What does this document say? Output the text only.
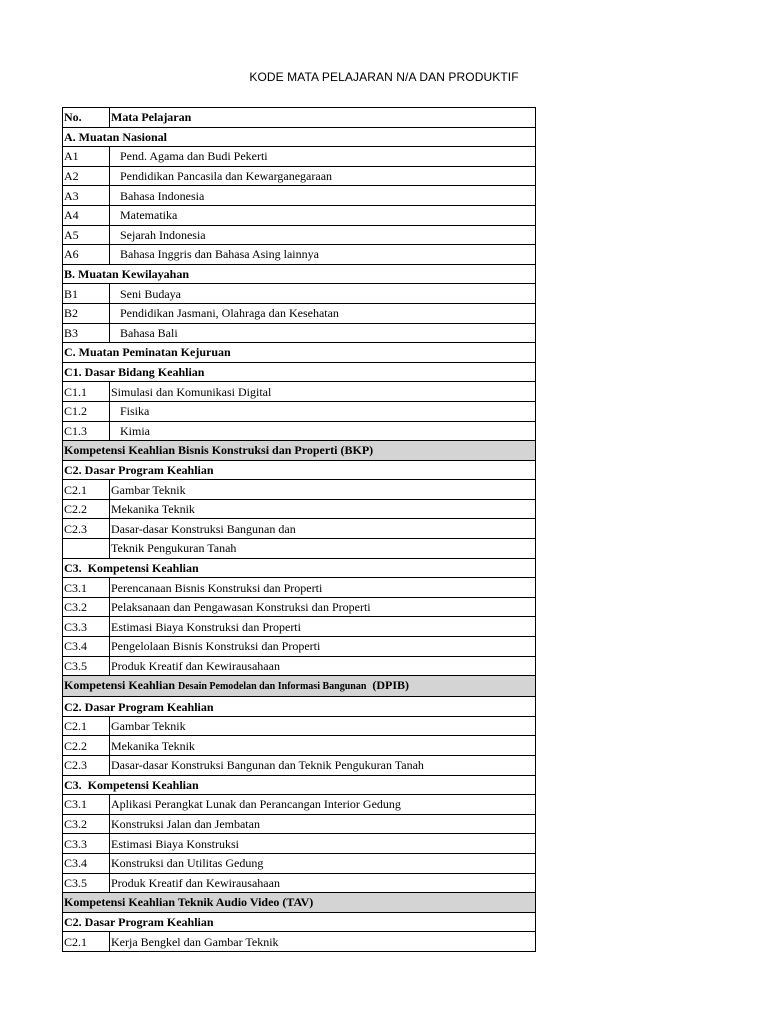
KODE MATA PELAJARAN N/A DAN PRODUKTIF
No.	Mata Pelajaran
A. Muatan Nasional	
A1	Pend. Agama dan Budi Pekerti
A2	Pendidikan Pancasila dan Kewarganegaraan
A3	Bahasa Indonesia
A4	Matematika
A5	Sejarah Indonesia
A6	Bahasa Inggris dan Bahasa Asing lainnya
B. Muatan Kewilayahan	
B1	Seni Budaya
B2	Pendidikan Jasmani, Olahraga dan Kesehatan
B3	Bahasa Bali
C. Muatan Peminatan Kejuruan	
C1. Dasar Bidang Keahlian	
C1.1	Simulasi dan Komunikasi Digital
C1.2	Fisika
C1.3	Kimia
Kompetensi Keahlian Bisnis Konstruksi dan Properti (BKP)	
C2. Dasar Program Keahlian	
C2.1	Gambar Teknik
C2.2	Mekanika Teknik
C2.3	Dasar-dasar Konstruksi Bangunan dan
	Teknik Pengukuran Tanah
C3.  Kompetensi Keahlian	
C3.1	Perencanaan Bisnis Konstruksi dan Properti
C3.2	Pelaksanaan dan Pengawasan Konstruksi dan Properti
C3.3	Estimasi Biaya Konstruksi dan Properti
C3.4	Pengelolaan Bisnis Konstruksi dan Properti
C3.5	Produk Kreatif dan Kewirausahaan
Kompetensi Keahlian Desain Pemodelan dan Informasi Bangunan  (DPIB)	
C2. Dasar Program Keahlian	
C2.1	Gambar Teknik
C2.2	Mekanika Teknik
C2.3	Dasar-dasar Konstruksi Bangunan dan Teknik Pengukuran Tanah
C3.  Kompetensi Keahlian	
C3.1	Aplikasi Perangkat Lunak dan Perancangan Interior Gedung
C3.2	Konstruksi Jalan dan Jembatan
C3.3	Estimasi Biaya Konstruksi
C3.4	Konstruksi dan Utilitas Gedung
C3.5	Produk Kreatif dan Kewirausahaan
Kompetensi Keahlian Teknik Audio Video (TAV)	
C2. Dasar Program Keahlian	
C2.1	Kerja Bengkel dan Gambar Teknik
